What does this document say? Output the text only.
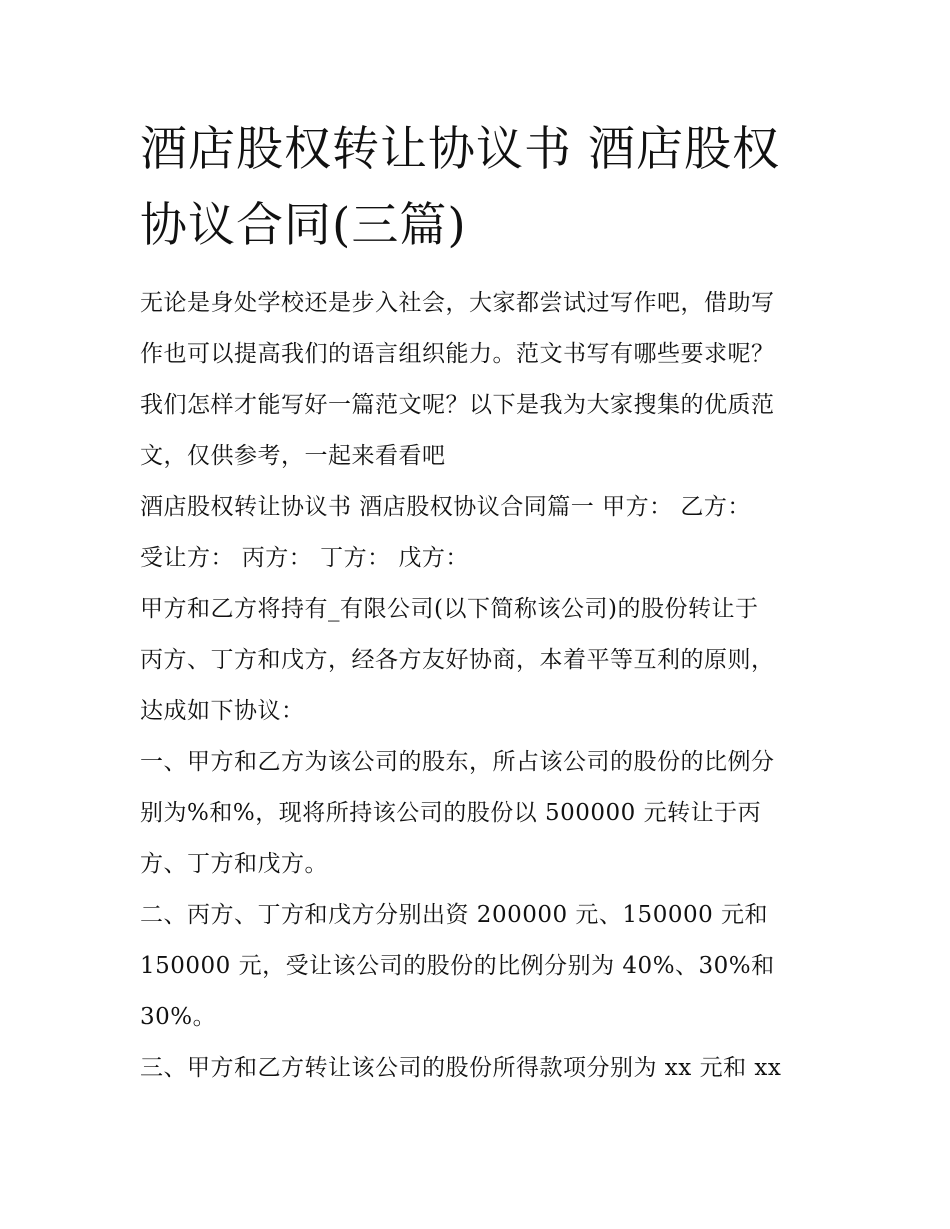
酒店股权转让协议书 酒店股权
协议合同(三篇)

无论是身处学校还是步入社会，大家都尝试过写作吧，借助写
作也可以提高我们的语言组织能力。范文书写有哪些要求呢？
我们怎样才能写好一篇范文呢？以下是我为大家搜集的优质范
文，仅供参考，一起来看看吧

酒店股权转让协议书 酒店股权协议合同篇一 甲方： 乙方：

受让方： 丙方： 丁方： 戊方：

甲方和乙方将持有_有限公司(以下简称该公司)的股份转让于
丙方、丁方和戊方，经各方友好协商，本着平等互利的原则，
达成如下协议：

一、甲方和乙方为该公司的股东，所占该公司的股份的比例分
别为%和%，现将所持该公司的股份以 500000 元转让于丙
方、丁方和戊方。

二、丙方、丁方和戊方分别出资 200000 元、150000 元和
150000 元，受让该公司的股份的比例分别为 40%、30%和
30%。

三、甲方和乙方转让该公司的股份所得款项分别为 xx 元和 xx
